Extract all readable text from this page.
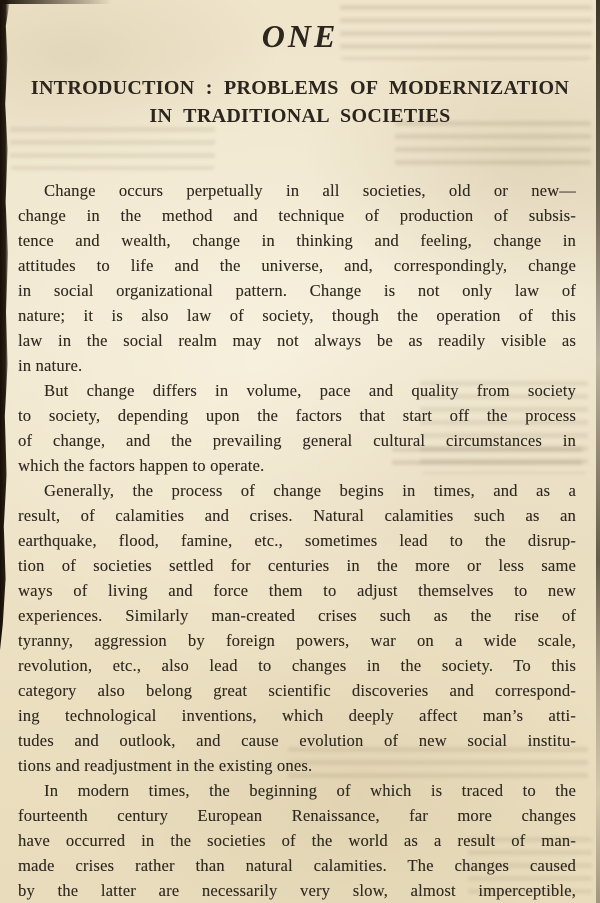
ONE
INTRODUCTION : PROBLEMS OF MODERNIZATION
IN TRADITIONAL SOCIETIES
Change occurs perpetually in all societies, old or new—
change in the method and technique of production of subsis-
tence and wealth, change in thinking and feeling, change in
attitudes to life and the universe, and, correspondingly, change
in social organizational pattern. Change is not only law of
nature; it is also law of society, though the operation of this
law in the social realm may not always be as readily visible as
in nature.
But change differs in volume, pace and quality from society
to society, depending upon the factors that start off the process
of change, and the prevailing general cultural circumstances in
which the factors happen to operate.
Generally, the process of change begins in times, and as a
result, of calamities and crises. Natural calamities such as an
earthquake, flood, famine, etc., sometimes lead to the disrup-
tion of societies settled for centuries in the more or less same
ways of living and force them to adjust themselves to new
experiences. Similarly man-created crises such as the rise of
tyranny, aggression by foreign powers, war on a wide scale,
revolution, etc., also lead to changes in the society. To this
category also belong great scientific discoveries and correspond-
ing technological inventions, which deeply affect man’s atti-
tudes and outlook, and cause evolution of new social institu-
tions and readjustment in the existing ones.
In modern times, the beginning of which is traced to the
fourteenth century European Renaissance, far more changes
have occurred in the societies of the world as a result of man-
made crises rather than natural calamities. The changes caused
by the latter are necessarily very slow, almost imperceptible,
